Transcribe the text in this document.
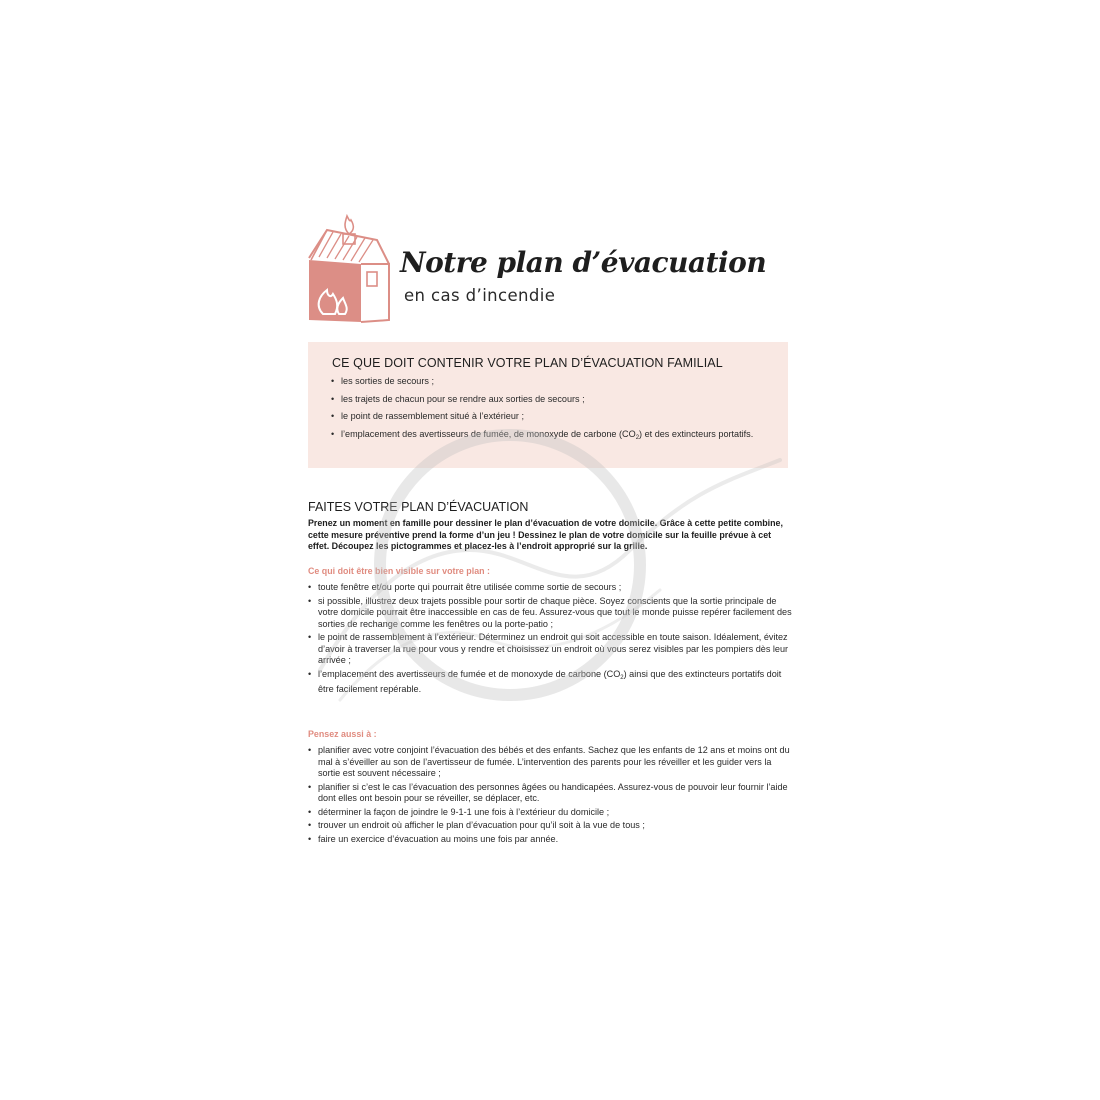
Notre plan d’évacuation
en cas d’incendie
CE QUE DOIT CONTENIR VOTRE PLAN D’ÉVACUATION FAMILIAL
• les sorties de secours ;
• les trajets de chacun pour se rendre aux sorties de secours ;
• le point de rassemblement situé à l’extérieur ;
• l’emplacement des avertisseurs de fumée, de monoxyde de carbone $(CO_2)$ et des extincteurs portatifs.
FAITES VOTRE PLAN D’ÉVACUATION

Prenez un moment en famille pour dessiner le plan d’évacuation de votre domicile. Grâce à cette petite combine, cette mesure préventive prend la forme d’un jeu ! Dessinez le plan de votre domicile sur la feuille prévue à cet effet. Découpez les pictogrammes et placez-les à l’endroit approprié sur la grille.

Ce qui doit être bien visible sur votre plan :

• toute fenêtre et/ou porte qui pourrait être utilisée comme sortie de secours ;
• si possible, illustrez deux trajets possible pour sortir de chaque pièce. Soyez conscients que la sortie principale de votre domicile pourrait être inaccessible en cas de feu. Assurez-vous que tout le monde puisse repérer facilement des sorties de rechange comme les fenêtres ou la porte-patio ;
• le point de rassemblement à l’extérieur. Déterminez un endroit qui soit accessible en toute saison. Idéalement, évitez d’avoir à traverser la rue pour vous y rendre et choisissez un endroit où vous serez visibles par les pompiers dès leur arrivée ;
• l’emplacement des avertisseurs de fumée et de monoxyde de carbone $(CO_2)$ ainsi que des extincteurs portatifs doit être facilement repérable.

Pensez aussi à :

• planifier avec votre conjoint l’évacuation des bébés et des enfants. Sachez que les enfants de 12 ans et moins ont du mal à s’éveiller au son de l’avertisseur de fumée. L’intervention des parents pour les réveiller et les guider vers la sortie est souvent nécessaire ;
• planifier si c’est le cas l’évacuation des personnes âgées ou handicapées. Assurez-vous de pouvoir leur fournir l’aide dont elles ont besoin pour se réveiller, se déplacer, etc.
• déterminer la façon de joindre le 9-1-1 une fois à l’extérieur du domicile ;
• trouver un endroit où afficher le plan d’évacuation pour qu’il soit à la vue de tous ;
• faire un exercice d’évacuation au moins une fois par année.
